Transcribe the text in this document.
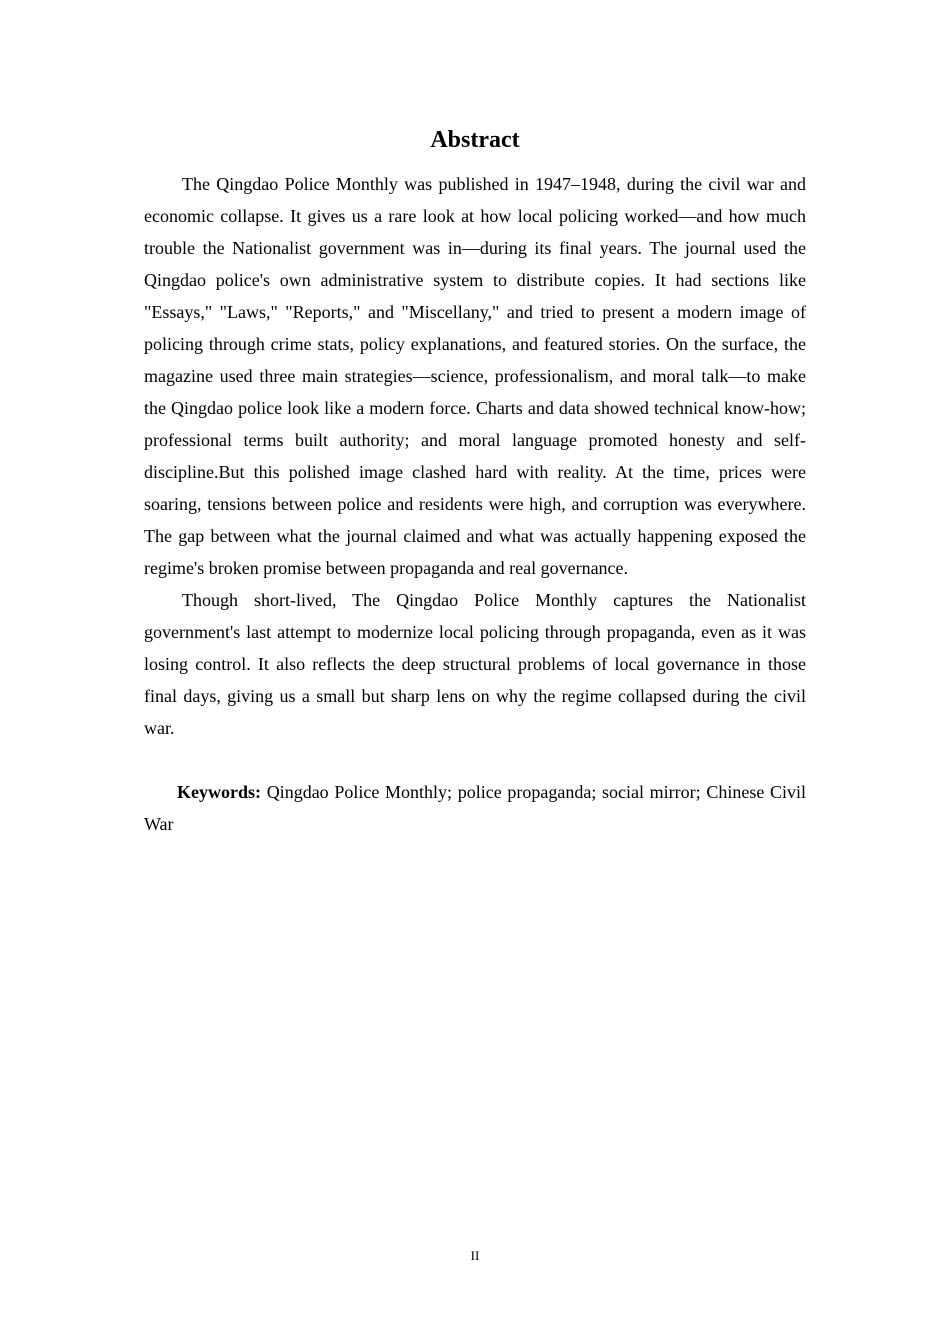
Abstract

The Qingdao Police Monthly was published in 1947–1948, during the civil war and economic collapse. It gives us a rare look at how local policing worked—and how much trouble the Nationalist government was in—during its final years. The journal used the Qingdao police's own administrative system to distribute copies. It had sections like "Essays," "Laws," "Reports," and "Miscellany," and tried to present a modern image of policing through crime stats, policy explanations, and featured stories. On the surface, the magazine used three main strategies—science, professionalism, and moral talk—to make the Qingdao police look like a modern force. Charts and data showed technical know-how; professional terms built authority; and moral language promoted honesty and self-discipline.But this polished image clashed hard with reality. At the time, prices were soaring, tensions between police and residents were high, and corruption was everywhere. The gap between what the journal claimed and what was actually happening exposed the regime's broken promise between propaganda and real governance.

Though short-lived, The Qingdao Police Monthly captures the Nationalist government's last attempt to modernize local policing through propaganda, even as it was losing control. It also reflects the deep structural problems of local governance in those final days, giving us a small but sharp lens on why the regime collapsed during the civil war.

Keywords: Qingdao Police Monthly; police propaganda; social mirror; Chinese Civil War

II
